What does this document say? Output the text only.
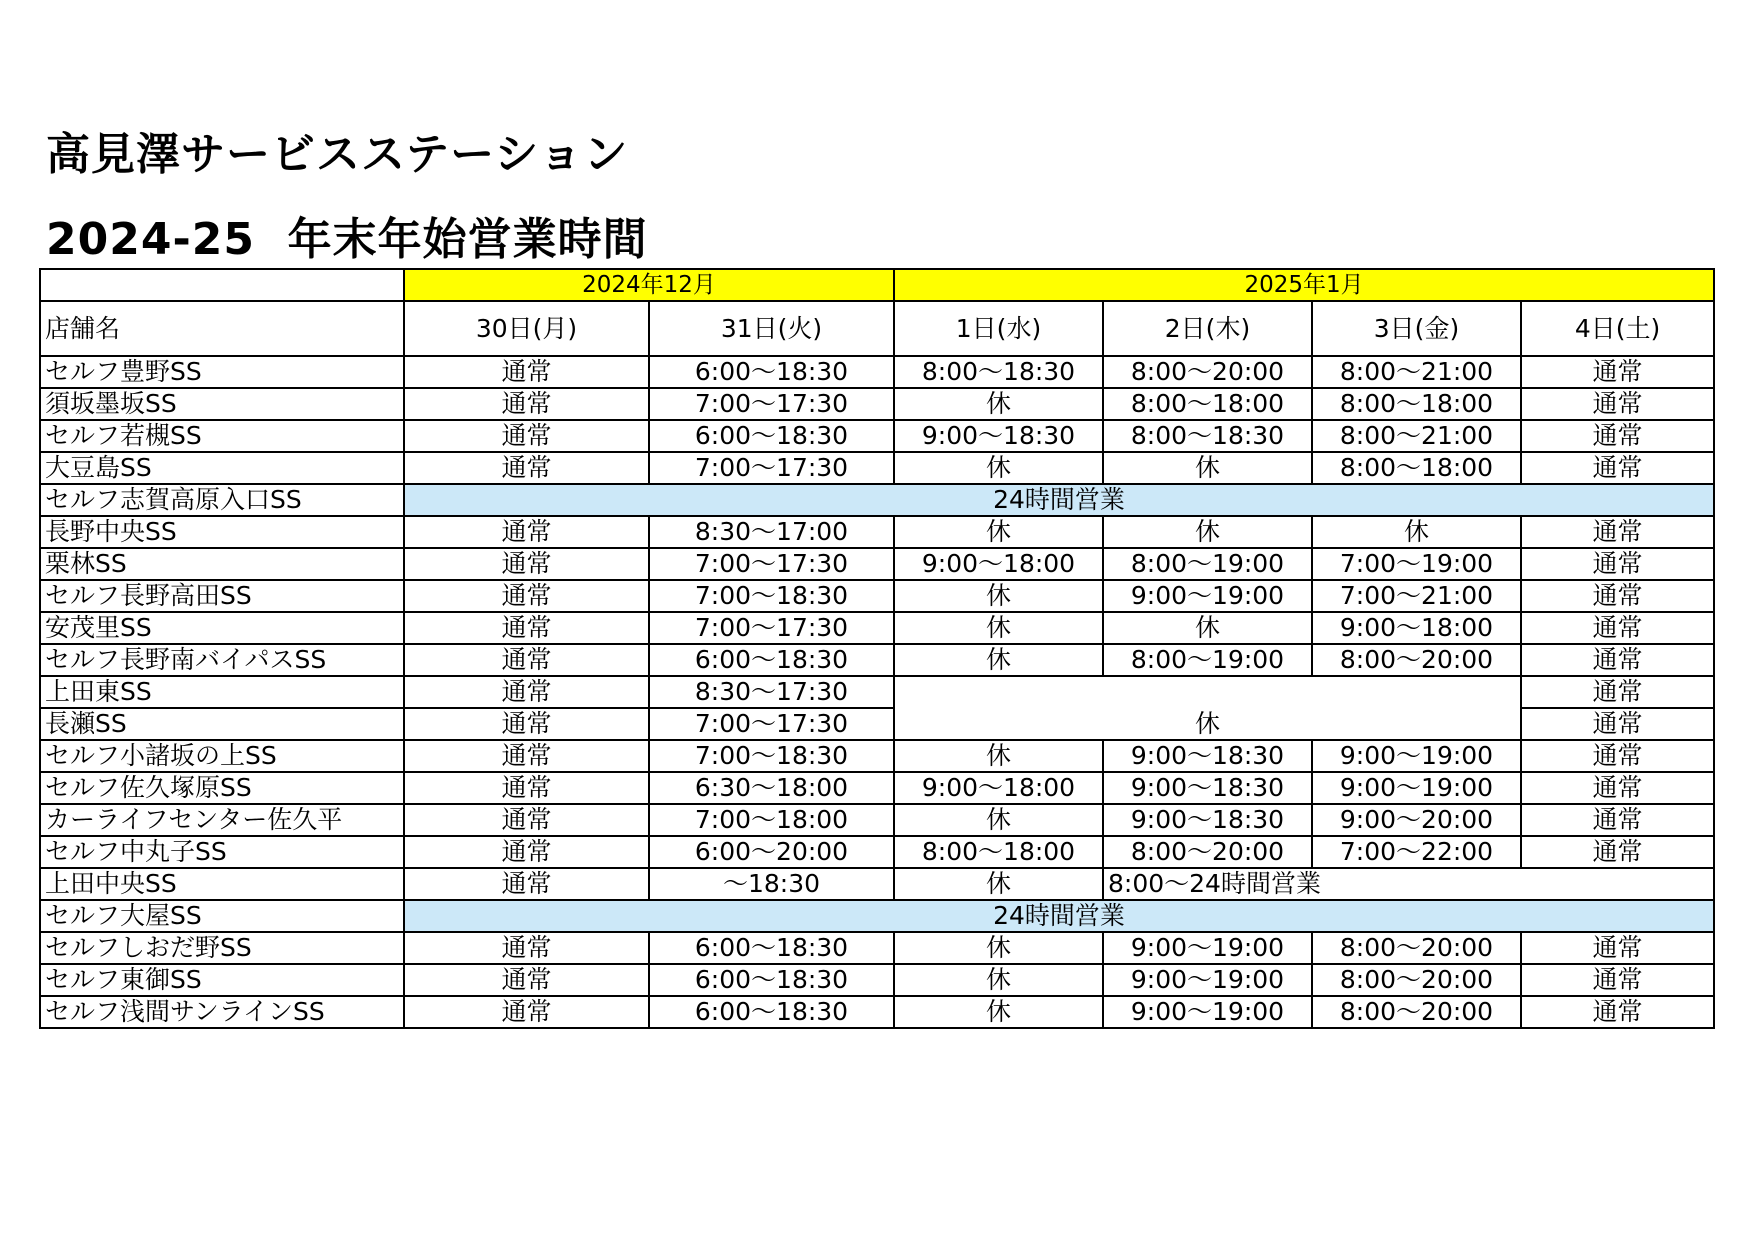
高見澤サービスステーション
2024-25  年末年始営業時間
	2024年12月		2025年1月			
店舗名	30日(月)	31日(火)	1日(水)	2日(木)	3日(金)	4日(土)
セルフ豊野SS	通常	6:00～18:30	8:00～18:30	8:00～20:00	8:00～21:00	通常
須坂墨坂SS	通常	7:00～17:30	休	8:00～18:00	8:00～18:00	通常
セルフ若槻SS	通常	6:00～18:30	9:00～18:30	8:00～18:30	8:00～21:00	通常
大豆島SS	通常	7:00～17:30	休	休	8:00～18:00	通常
セルフ志賀高原入口SS	24時間営業					
長野中央SS	通常	8:30～17:00	休	休	休	通常
栗林SS	通常	7:00～17:30	9:00～18:00	8:00～19:00	7:00～19:00	通常
セルフ長野高田SS	通常	7:00～18:30	休	9:00～19:00	7:00～21:00	通常
安茂里SS	通常	7:00～17:30	休	休	9:00～18:00	通常
セルフ長野南バイパスSS	通常	6:00～18:30	休	8:00～19:00	8:00～20:00	通常
上田東SS	通常	8:30～17:30	休			通常
長瀬SS	通常	7:00～17:30				通常
セルフ小諸坂の上SS	通常	7:00～18:30	休	9:00～18:30	9:00～19:00	通常
セルフ佐久塚原SS	通常	6:30～18:00	9:00～18:00	9:00～18:30	9:00～19:00	通常
カーライフセンター佐久平	通常	7:00～18:00	休	9:00～18:30	9:00～20:00	通常
セルフ中丸子SS	通常	6:00～20:00	8:00～18:00	8:00～20:00	7:00～22:00	通常
上田中央SS	通常	～18:30	休	8:00～24時間営業		
セルフ大屋SS	24時間営業					
セルフしおだ野SS	通常	6:00～18:30	休	9:00～19:00	8:00～20:00	通常
セルフ東御SS	通常	6:00～18:30	休	9:00～19:00	8:00～20:00	通常
セルフ浅間サンラインSS	通常	6:00～18:30	休	9:00～19:00	8:00～20:00	通常
